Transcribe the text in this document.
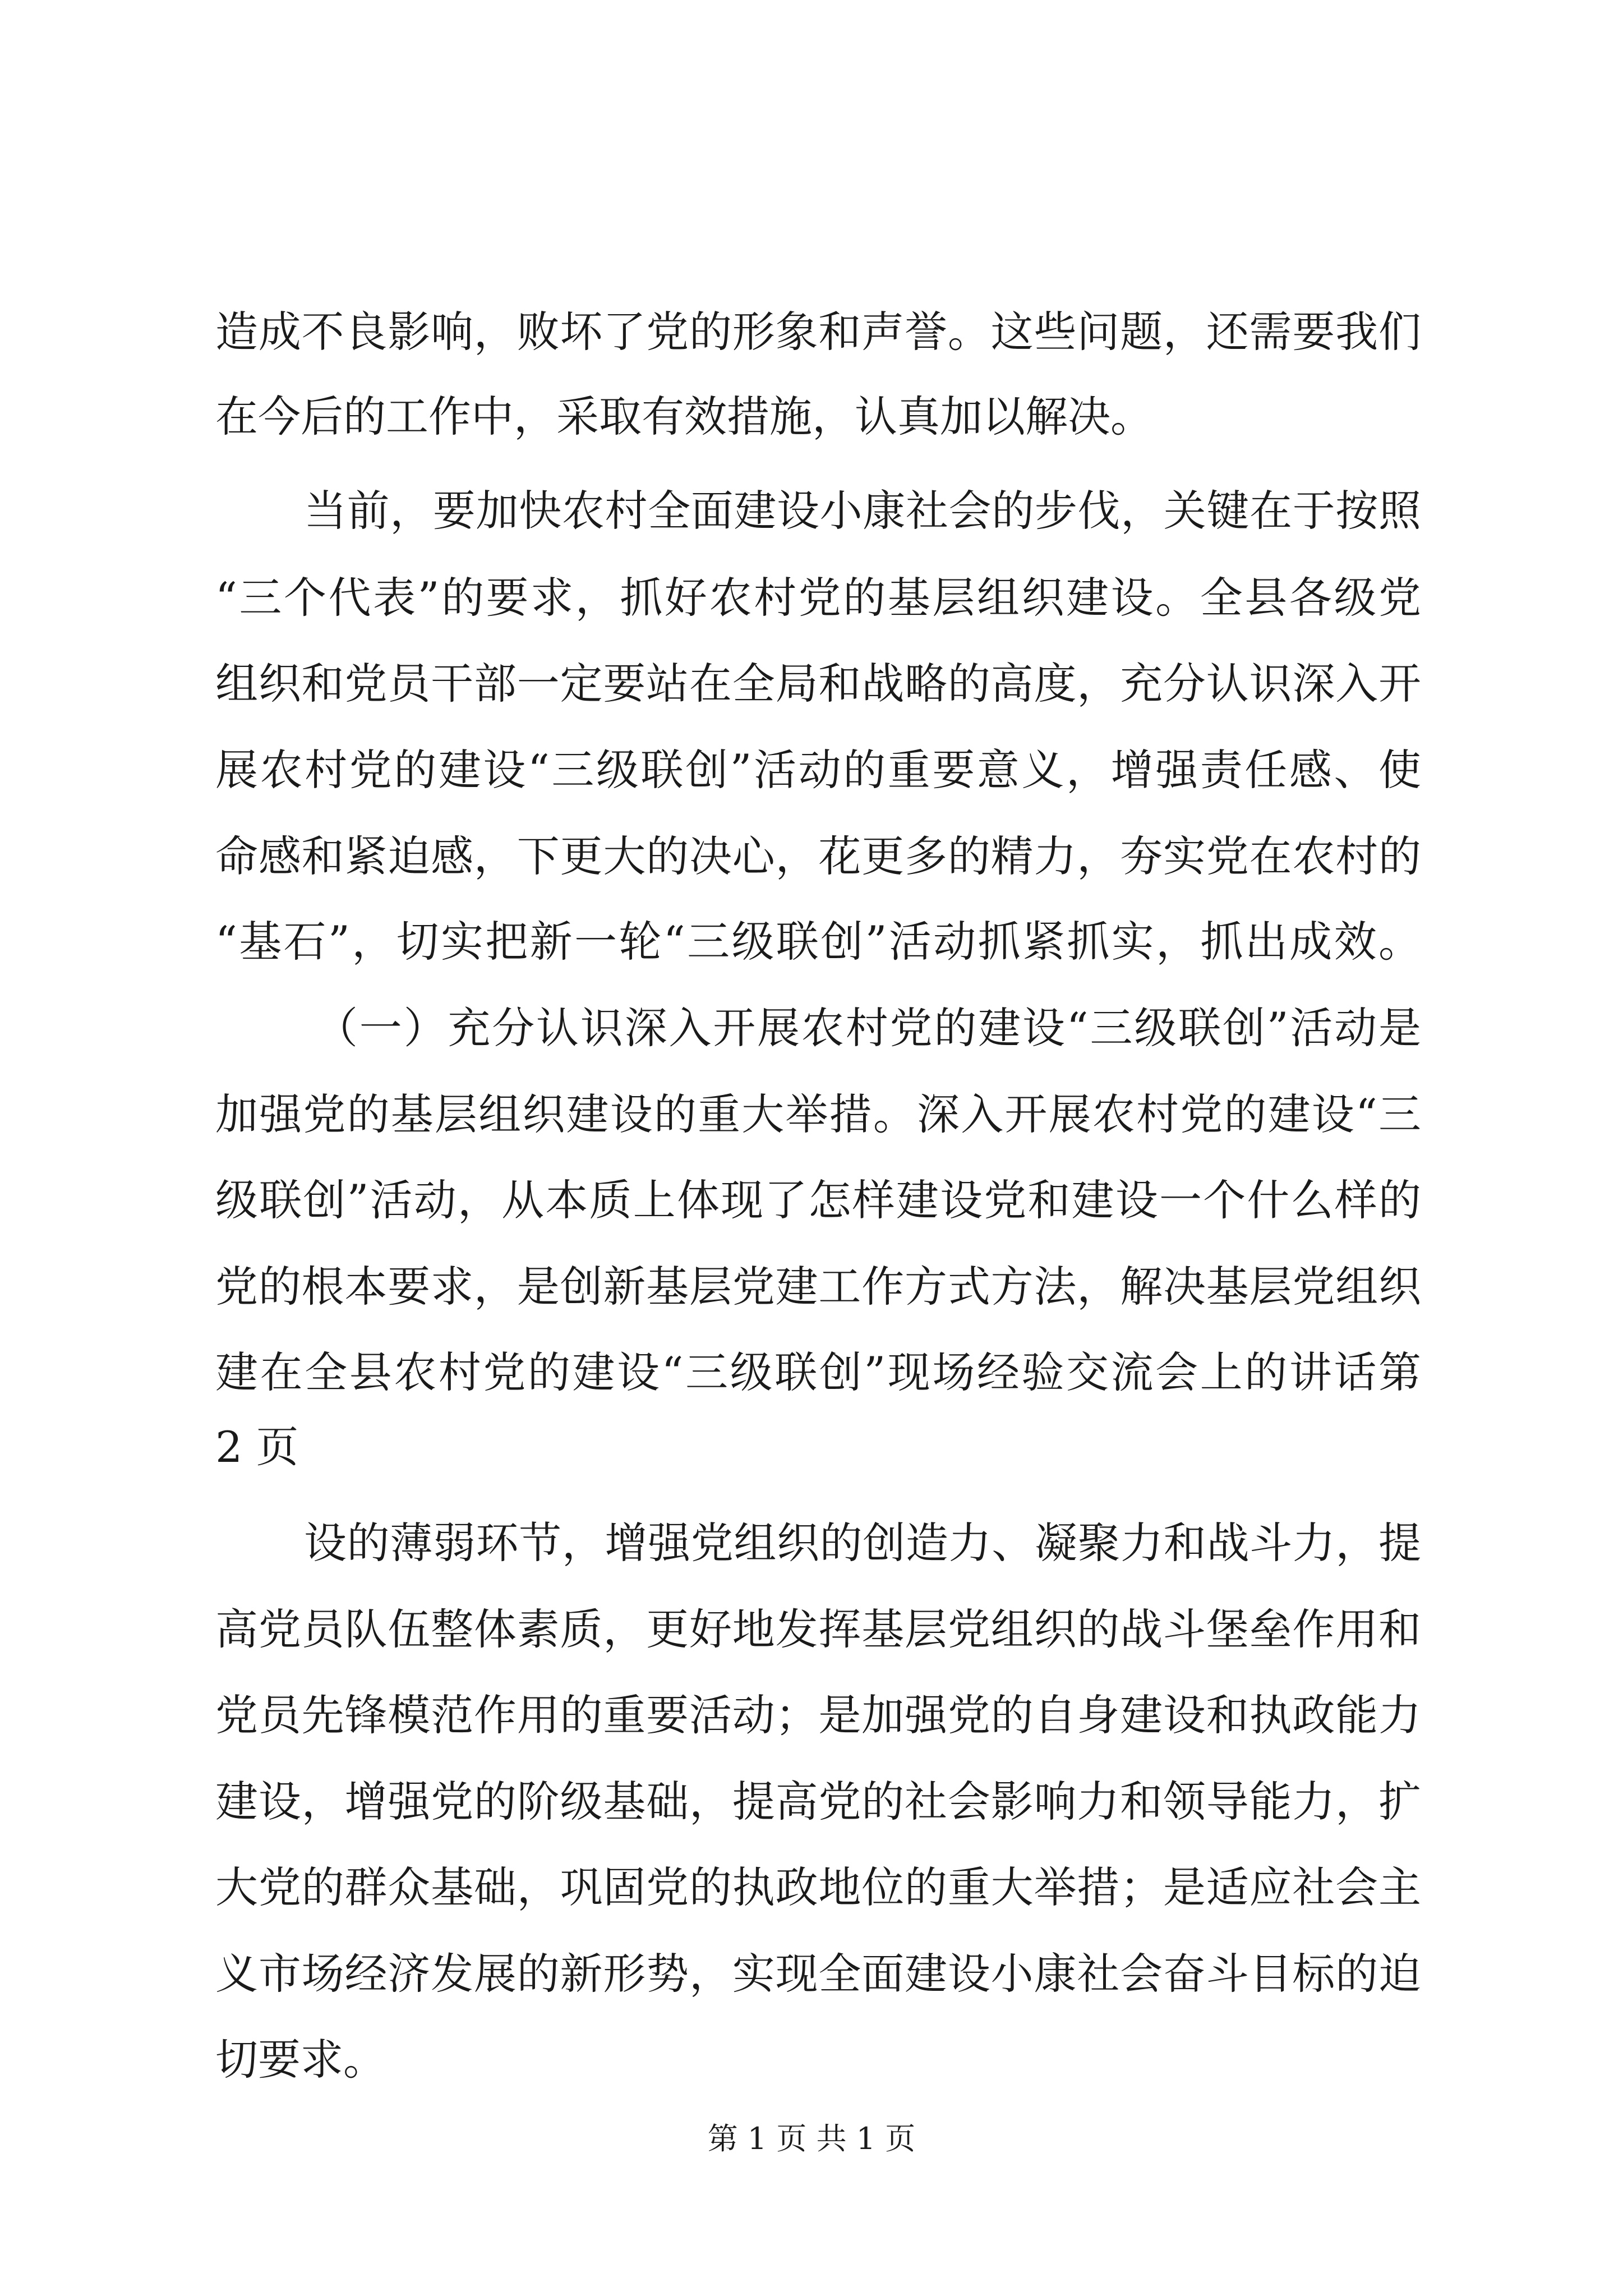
造成不良影响，败坏了党的形象和声誉。这些问题，还需要我们
在今后的工作中，采取有效措施，认真加以解决。
当前，要加快农村全面建设小康社会的步伐，关键在于按照
“三个代表”的要求，抓好农村党的基层组织建设。全县各级党
组织和党员干部一定要站在全局和战略的高度，充分认识深入开
展农村党的建设“三级联创”活动的重要意义，增强责任感、使
命感和紧迫感，下更大的决心，花更多的精力，夯实党在农村的
“基石”，切实把新一轮“三级联创”活动抓紧抓实，抓出成效。
（一）充分认识深入开展农村党的建设“三级联创”活动是
加强党的基层组织建设的重大举措。深入开展农村党的建设“三
级联创”活动，从本质上体现了怎样建设党和建设一个什么样的
党的根本要求，是创新基层党建工作方式方法，解决基层党组织
建在全县农村党的建设“三级联创”现场经验交流会上的讲话第
2 页
设的薄弱环节，增强党组织的创造力、凝聚力和战斗力，提
高党员队伍整体素质，更好地发挥基层党组织的战斗堡垒作用和
党员先锋模范作用的重要活动；是加强党的自身建设和执政能力
建设，增强党的阶级基础，提高党的社会影响力和领导能力，扩
大党的群众基础，巩固党的执政地位的重大举措；是适应社会主
义市场经济发展的新形势，实现全面建设小康社会奋斗目标的迫
切要求。
第 1 页 共 1 页
